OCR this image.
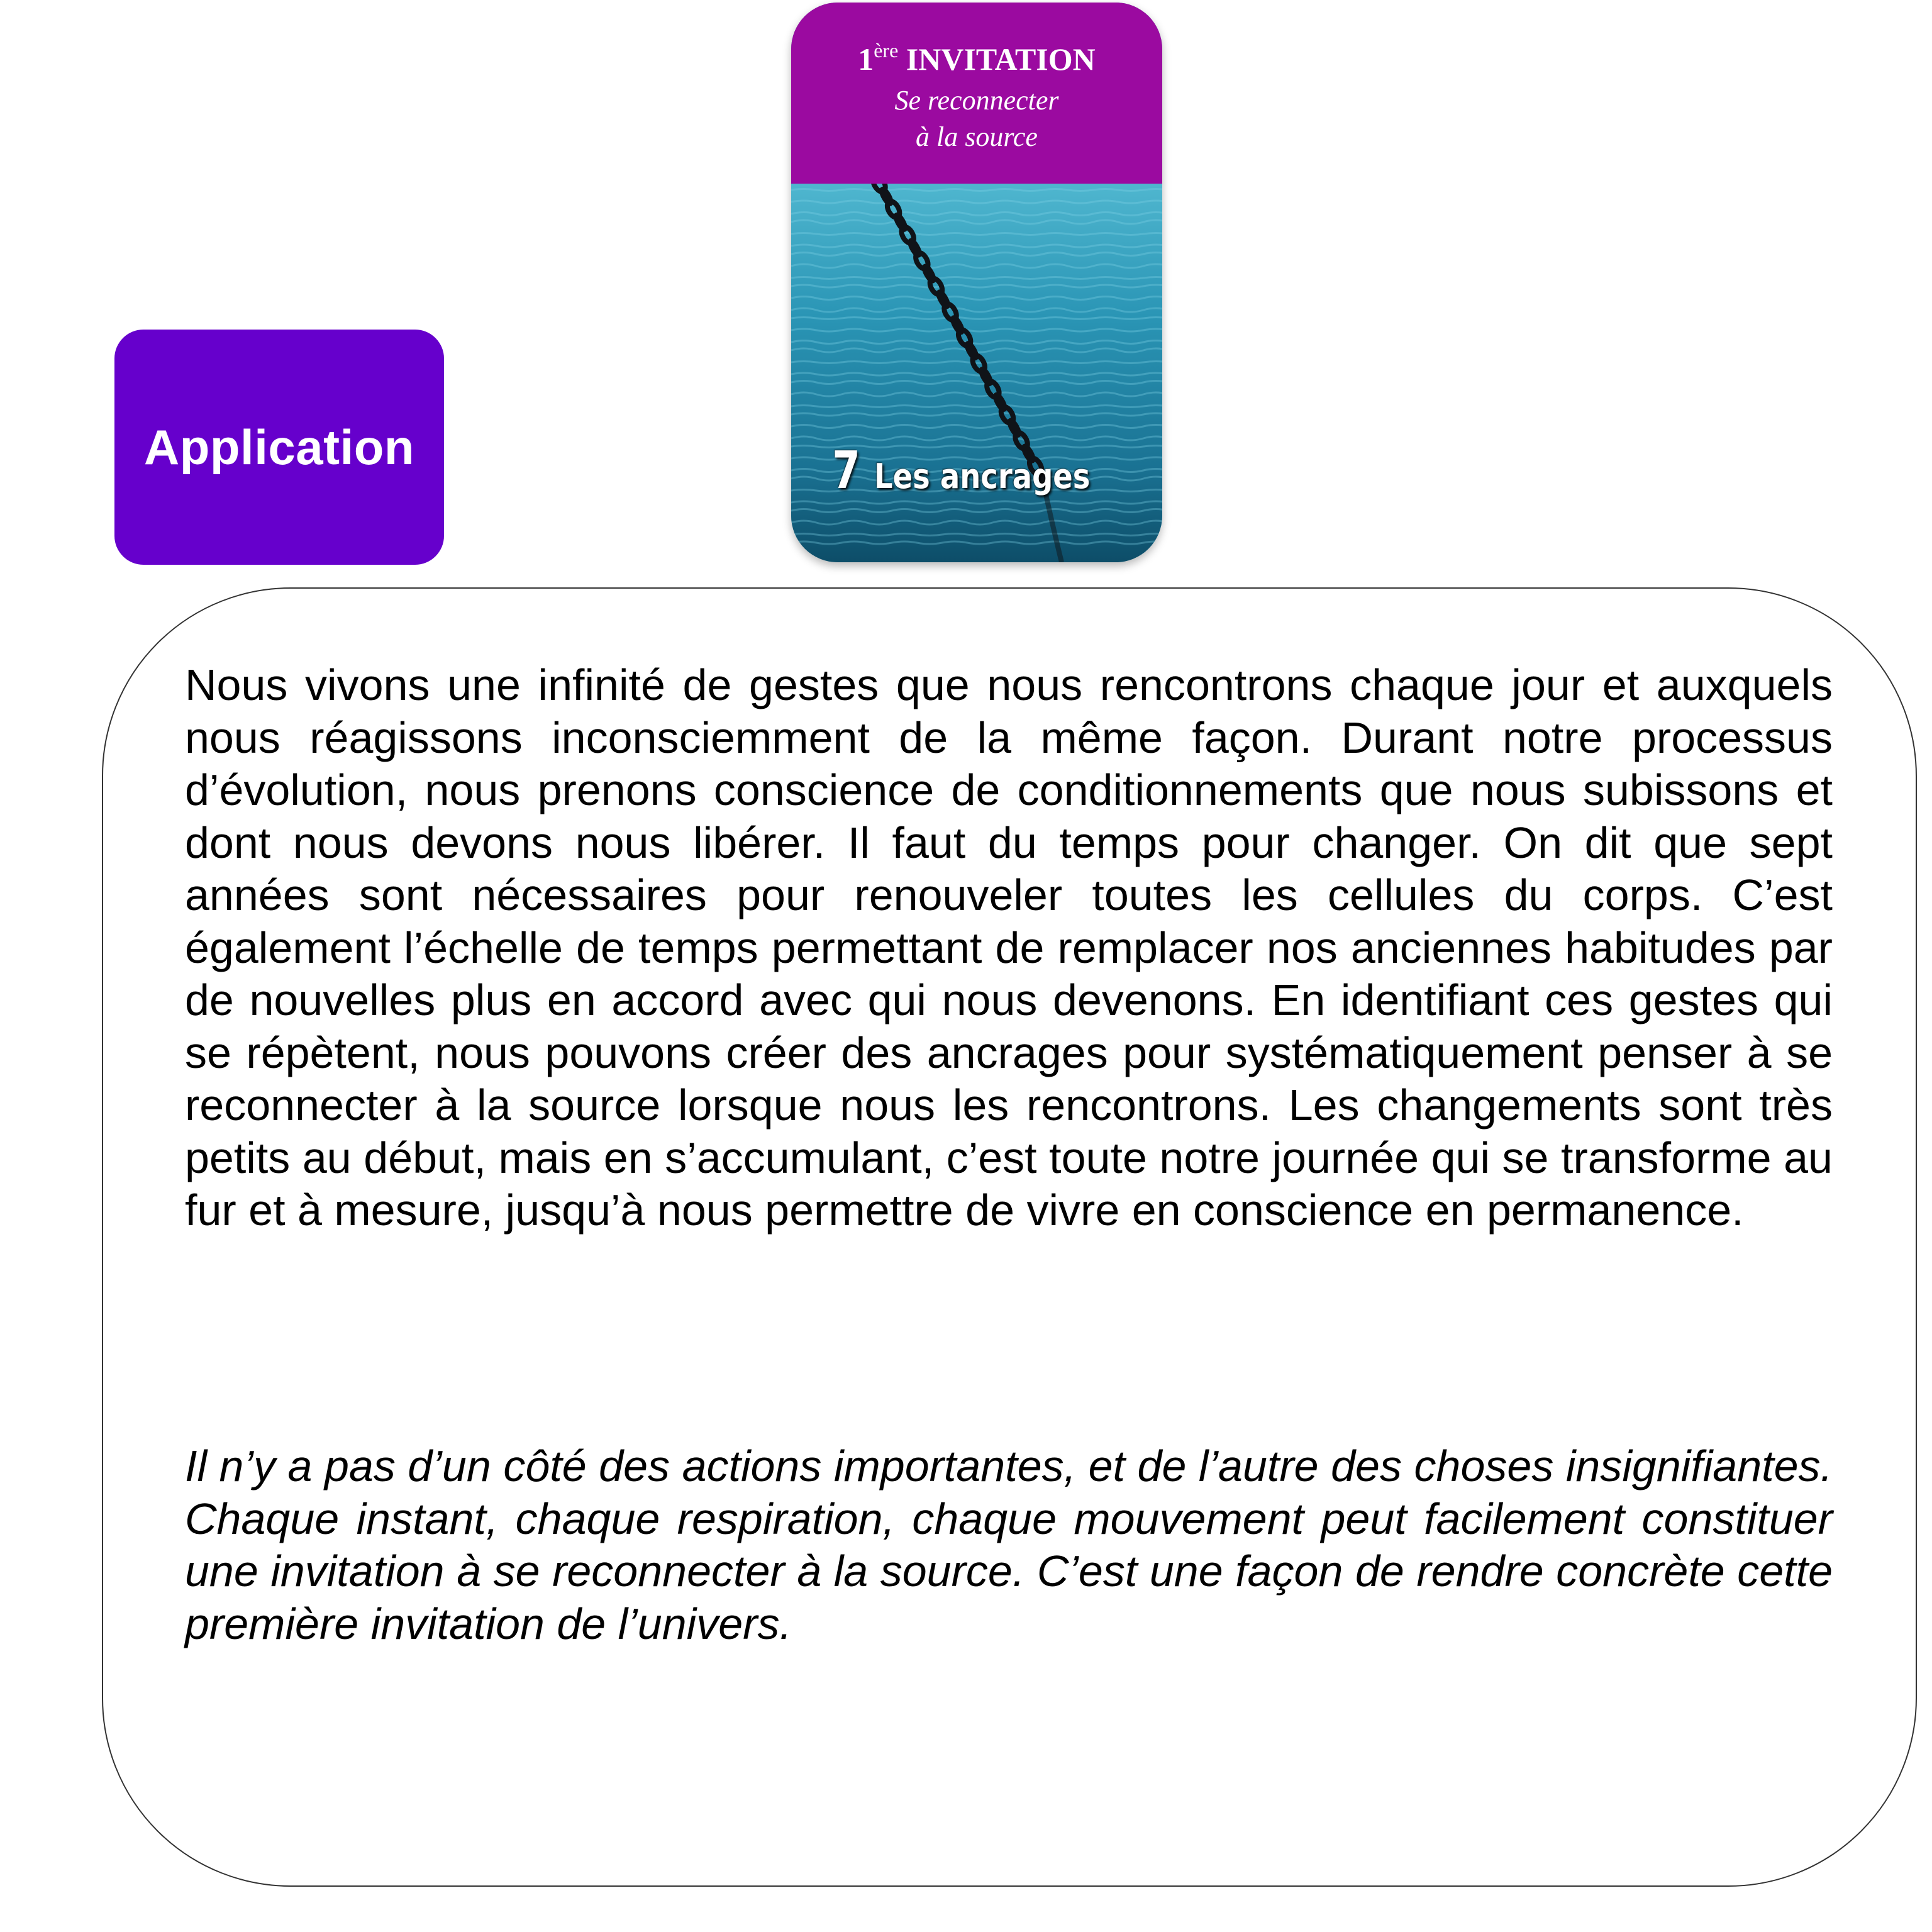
Application
1ère INVITATION
Se reconnecter
à la source
7 Les ancrages

Nous vivons une infinité de gestes que nous rencontrons chaque jour et auxquels nous réagissons inconsciemment de la même façon. Durant notre processus d’évolution, nous prenons conscience de conditionnements que nous subissons et dont nous devons nous libérer. Il faut du temps pour changer. On dit que sept années sont nécessaires pour renouveler toutes les cellules du corps. C’est également l’échelle de temps permettant de remplacer nos anciennes habitudes par de nouvelles plus en accord avec qui nous devenons. En identifiant ces gestes qui se répètent, nous pouvons créer des ancrages pour systématiquement penser à se reconnecter à la source lorsque nous les rencontrons. Les changements sont très petits au début, mais en s’accumulant, c’est toute notre journée qui se transforme au fur et à mesure, jusqu’à nous permettre de vivre en conscience en permanence.

Il n’y a pas d’un côté des actions importantes, et de l’autre des choses insignifiantes. Chaque instant, chaque respiration, chaque mouvement peut facilement constituer une invitation à se reconnecter à la source. C’est une façon de rendre concrète cette première invitation de l’univers.
